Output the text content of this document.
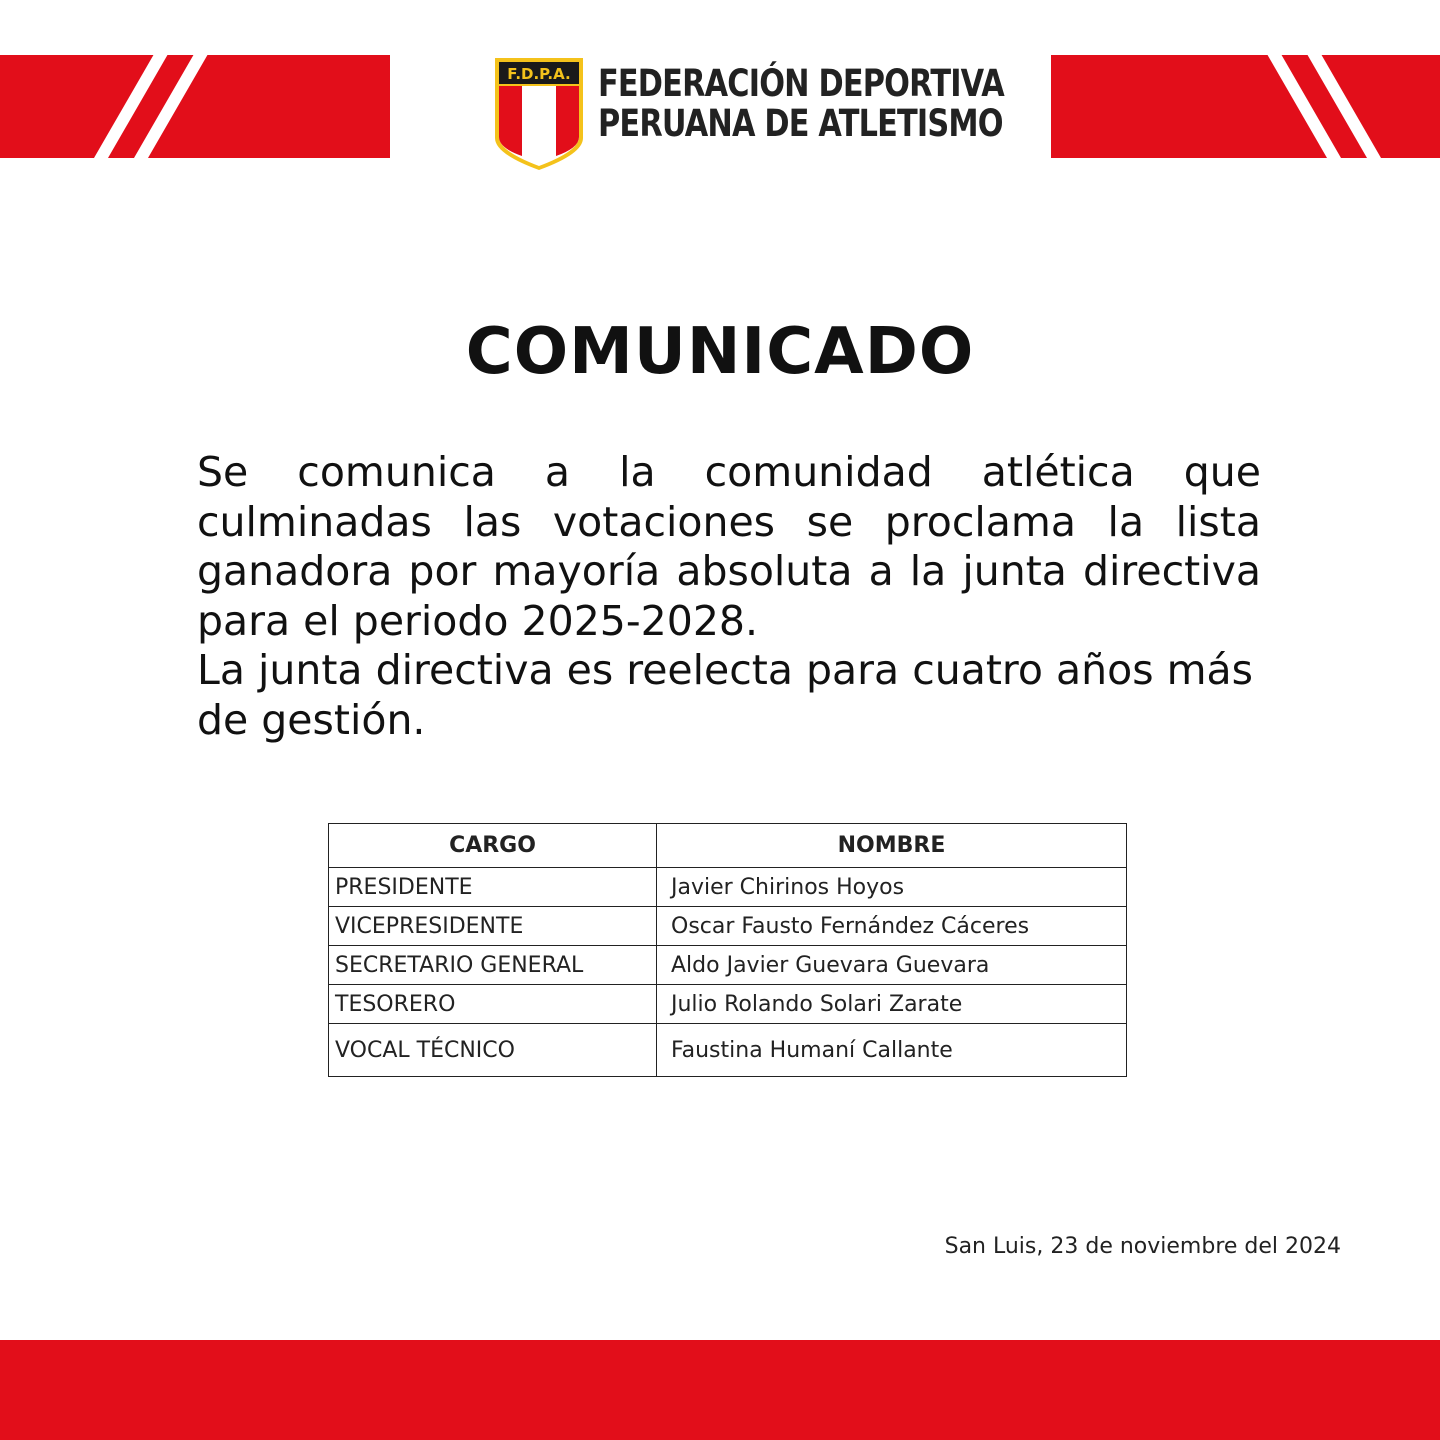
F.D.P.A. FEDERACIÓN DEPORTIVA
PERUANA DE ATLETISMO
COMUNICADO

Se comunica a la comunidad atlética que culminadas las votaciones se proclama la lista ganadora por mayoría absoluta a la junta directiva para el periodo 2025-2028.

La junta directiva es reelecta para cuatro años más de gestión.

CARGO	NOMBRE
PRESIDENTE	Javier Chirinos Hoyos
VICEPRESIDENTE	Oscar Fausto Fernández Cáceres
SECRETARIO GENERAL	Aldo Javier Guevara Guevara
TESORERO	Julio Rolando Solari Zarate
VOCAL TÉCNICO	Faustina Humaní Callante
San Luis, 23 de noviembre del 2024
